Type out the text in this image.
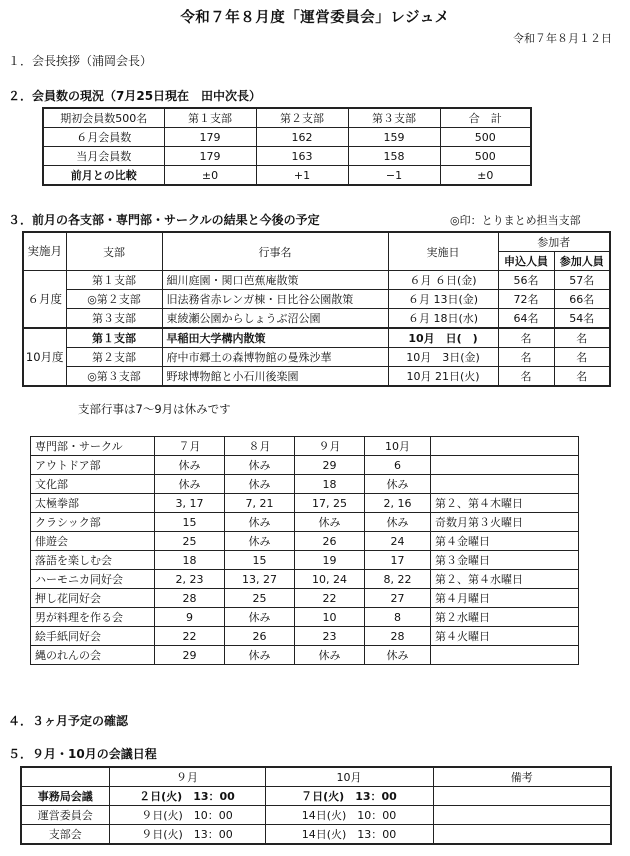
令和７年８月度「運営委員会」レジュメ
令和７年８月１２日
１．会長挨拶（浦岡会長）
２．会員数の現況（7月25日現在　田中次長）
期初会員数500名	第１支部	第２支部	第３支部	合　計
６月会員数	179	162	159	500
当月会員数	179	163	158	500
前月との比較	±0	+1	−1	±0
３．前月の各支部・専門部・サークルの結果と今後の予定	◎印：とりまとめ担当支部
実施月	支部	行事名	実施日	参加者	
				申込人員	参加人員
６月度	第１支部	細川庭園・関口芭蕉庵散策	６月 ６日(金)	56名	57名
	◎第２支部	旧法務省赤レンガ棟・日比谷公園散策	６月 13日(金)	72名	66名
	第３支部	東綾瀬公園からしょうぶ沼公園	６月 18日(水)	64名	54名
10月度	第１支部	早稲田大学構内散策	10月　日(　)	名	名
	第２支部	府中市郷土の森博物館の曼殊沙華	10月　3日(金)	名	名
	◎第３支部	野球博物館と小石川後楽園	10月 21日(火)	名	名
支部行事は7〜9月は休みです
専門部・サークル	７月	８月	９月	10月	
アウトドア部	休み	休み	29	6	
文化部	休み	休み	18	休み	
太極拳部	3, 17	7, 21	17, 25	2, 16	第２、第４木曜日
クラシック部	15	休み	休み	休み	奇数月第３火曜日
俳遊会	25	休み	26	24	第４金曜日
落語を楽しむ会	18	15	19	17	第３金曜日
ハーモニカ同好会	2, 23	13, 27	10, 24	8, 22	第２、第４水曜日
押し花同好会	28	25	22	27	第４月曜日
男が料理を作る会	9	休み	10	8	第２水曜日
絵手紙同好会	22	26	23	28	第４火曜日
縄のれんの会	29	休み	休み	休み	
４．３ヶ月予定の確認
５．９月・10月の会議日程
	９月	10月	備考
事務局会議	２日(火)　13：00	７日(火)　13：00	
運営委員会	９日(火)　10：00	14日(火)　10：00	
支部会	９日(火)　13：00	14日(火)　13：00	
